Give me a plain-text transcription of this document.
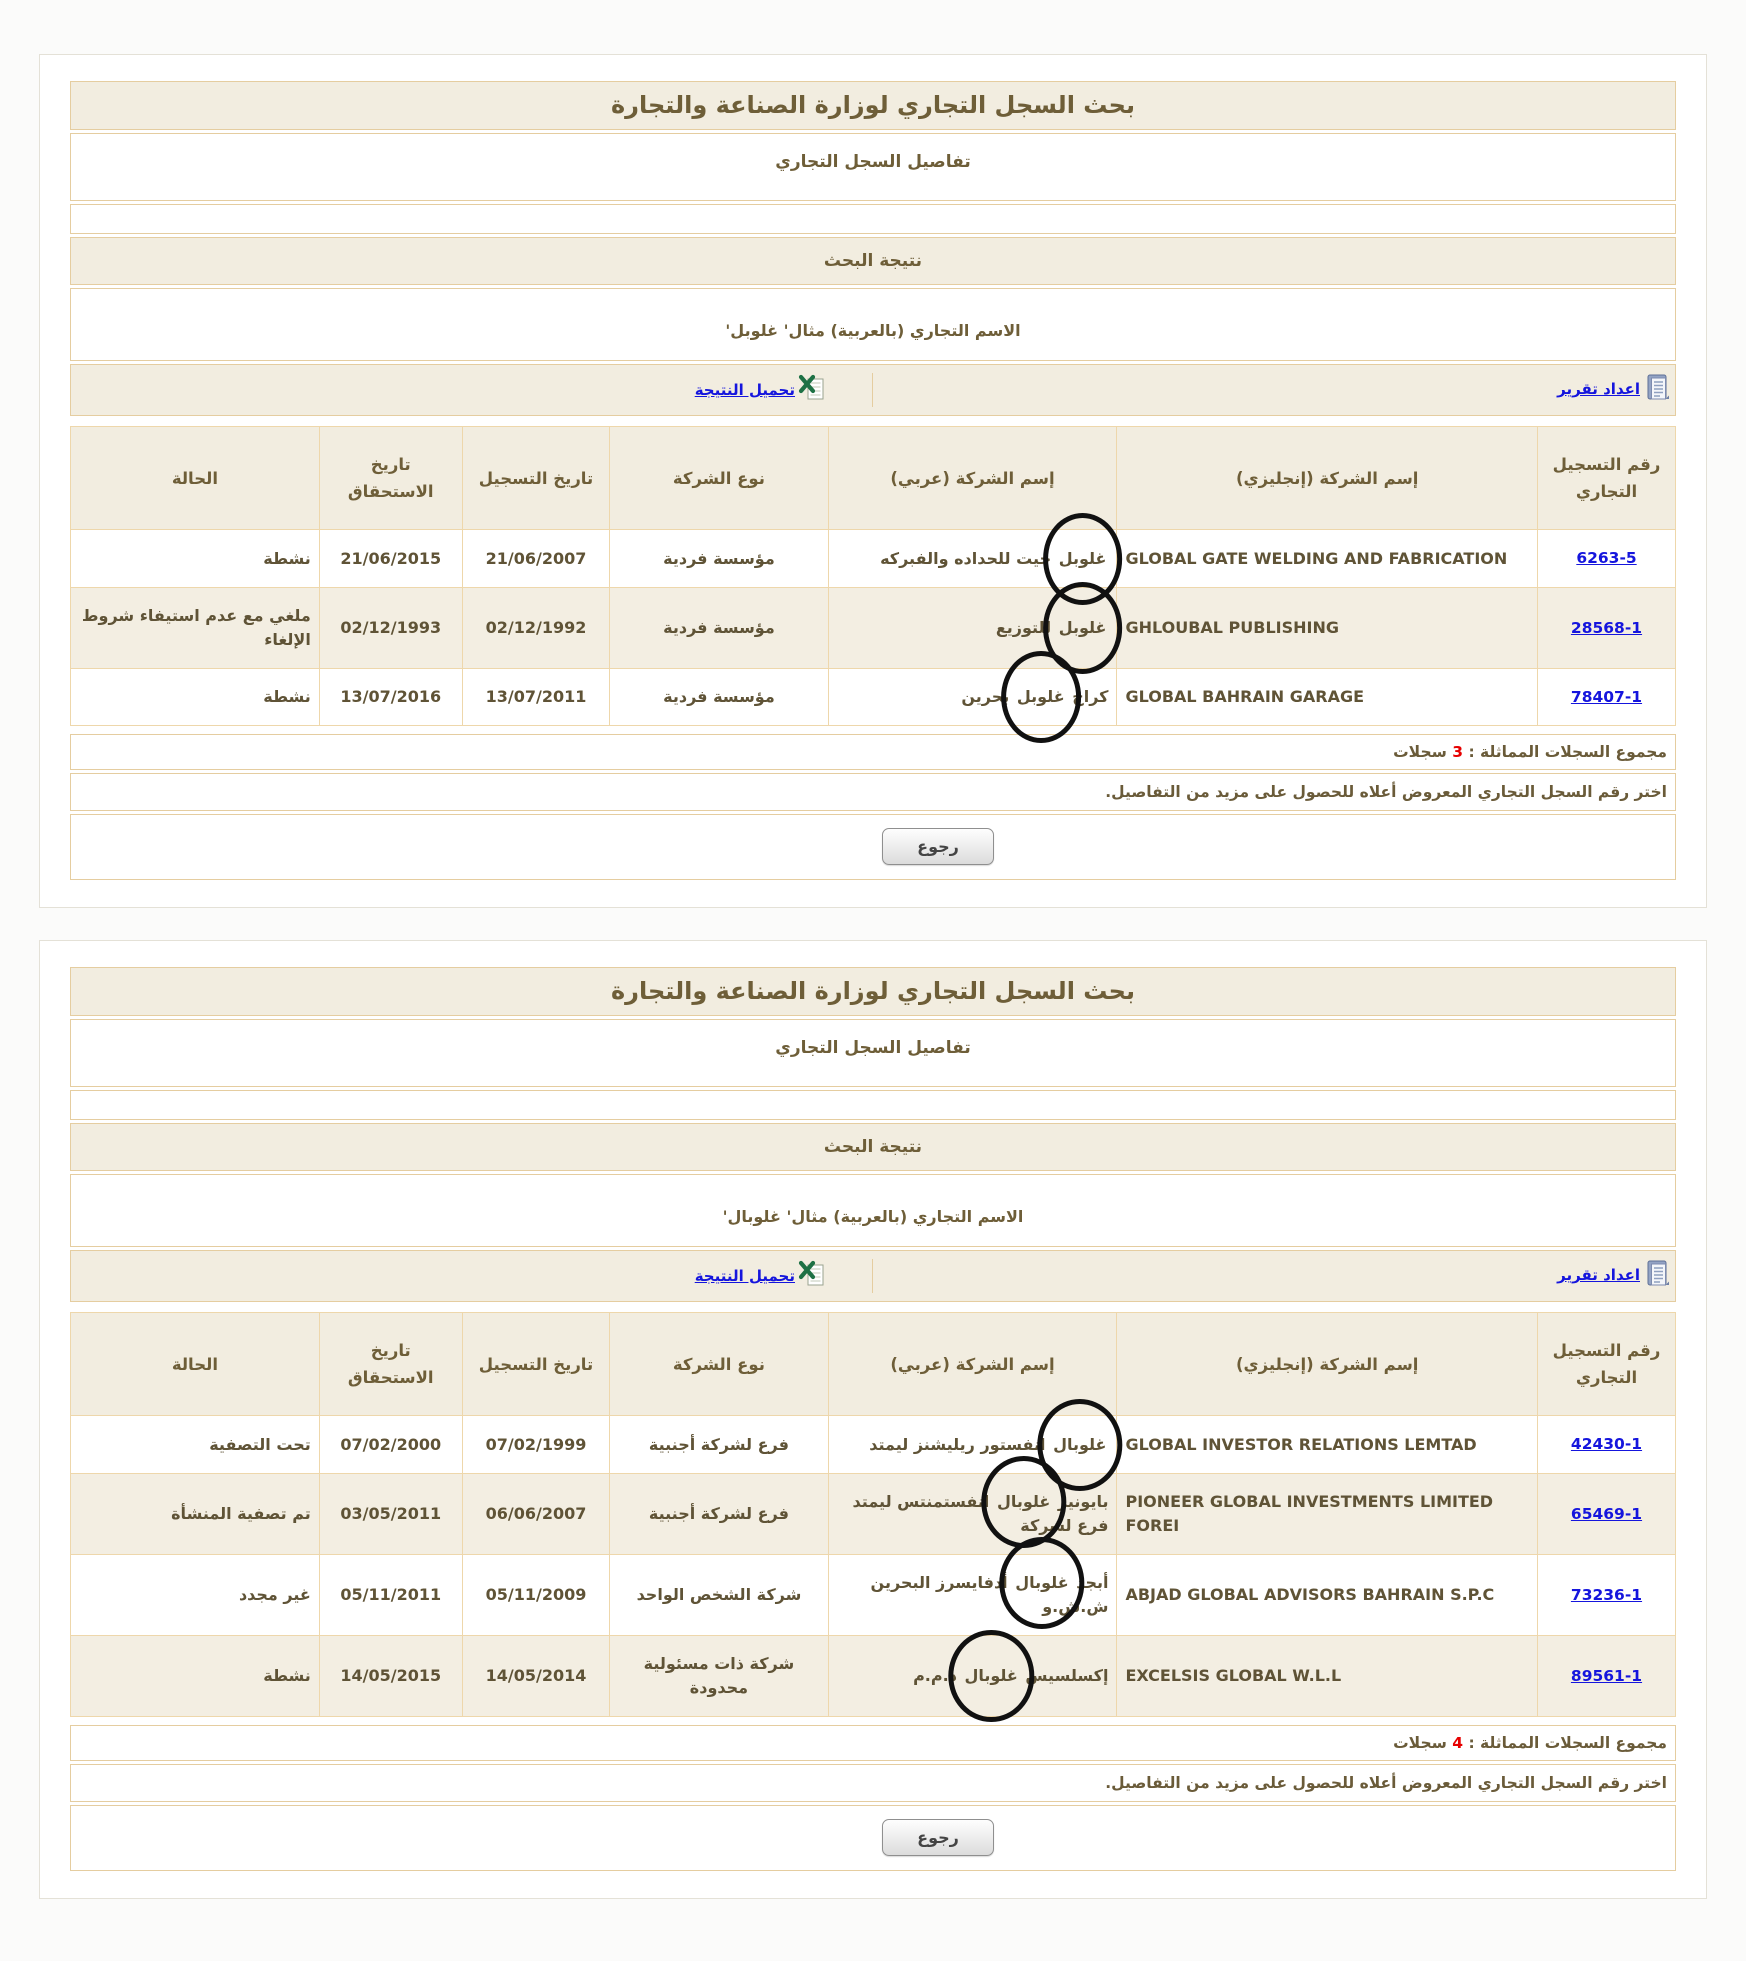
بحث السجل التجاري لوزارة الصناعة والتجارة
تفاصيل السجل التجاري
نتيجة البحث
الاسم التجاري (بالعربية) مثال' غلوبل'
اعداد تقرير
تحميل النتيجة
رقم التسجيل التجاري	إسم الشركة (إنجليزي)	إسم الشركة (عربي)	نوع الشركة	تاريخ التسجيل	تاريخ الاستحقاق	الحالة
6263-5	GLOBAL GATE WELDING AND FABRICATION	غلوبل جيت للحداده والفبركه	مؤسسة فردية	21/06/2007	21/06/2015	نشطة
28568-1	GHLOUBAL PUBLISHING	غلوبل للتوزيع	مؤسسة فردية	02/12/1992	02/12/1993	ملغي مع عدم استيفاء شروط الإلغاء
78407-1	GLOBAL BAHRAIN GARAGE	كراج غلوبل بحرين	مؤسسة فردية	13/07/2011	13/07/2016	نشطة
مجموع السجلات المماثلة : 3 سجلات
اختر رقم السجل التجاري المعروض أعلاه للحصول على مزيد من التفاصيل.
رجوع
بحث السجل التجاري لوزارة الصناعة والتجارة
تفاصيل السجل التجاري
نتيجة البحث
الاسم التجاري (بالعربية) مثال' غلوبال'
اعداد تقرير
تحميل النتيجة
رقم التسجيل التجاري	إسم الشركة (إنجليزي)	إسم الشركة (عربي)	نوع الشركة	تاريخ التسجيل	تاريخ الاستحقاق	الحالة
42430-1	GLOBAL INVESTOR RELATIONS LEMTAD	غلوبال انفستور ريليشنز ليمتد	فرع لشركة أجنبية	07/02/1999	07/02/2000	تحت التصفية
65469-1	PIONEER GLOBAL INVESTMENTS LIMITED FOREI	بايونير غلوبال انفستمنتس ليمتد فرع لشركة	فرع لشركة أجنبية	06/06/2007	03/05/2011	تم تصفية المنشأة
73236-1	ABJAD GLOBAL ADVISORS BAHRAIN S.P.C	أبجد غلوبال أدفايسرز البحرين ش.ش.و	شركة الشخص الواحد	05/11/2009	05/11/2011	غير مجدد
89561-1	EXCELSIS GLOBAL W.L.L	إكسلسيس غلوبال ذ.م.م	شركة ذات مسئولية محدودة	14/05/2014	14/05/2015	نشطة
مجموع السجلات المماثلة : 4 سجلات
اختر رقم السجل التجاري المعروض أعلاه للحصول على مزيد من التفاصيل.
رجوع
